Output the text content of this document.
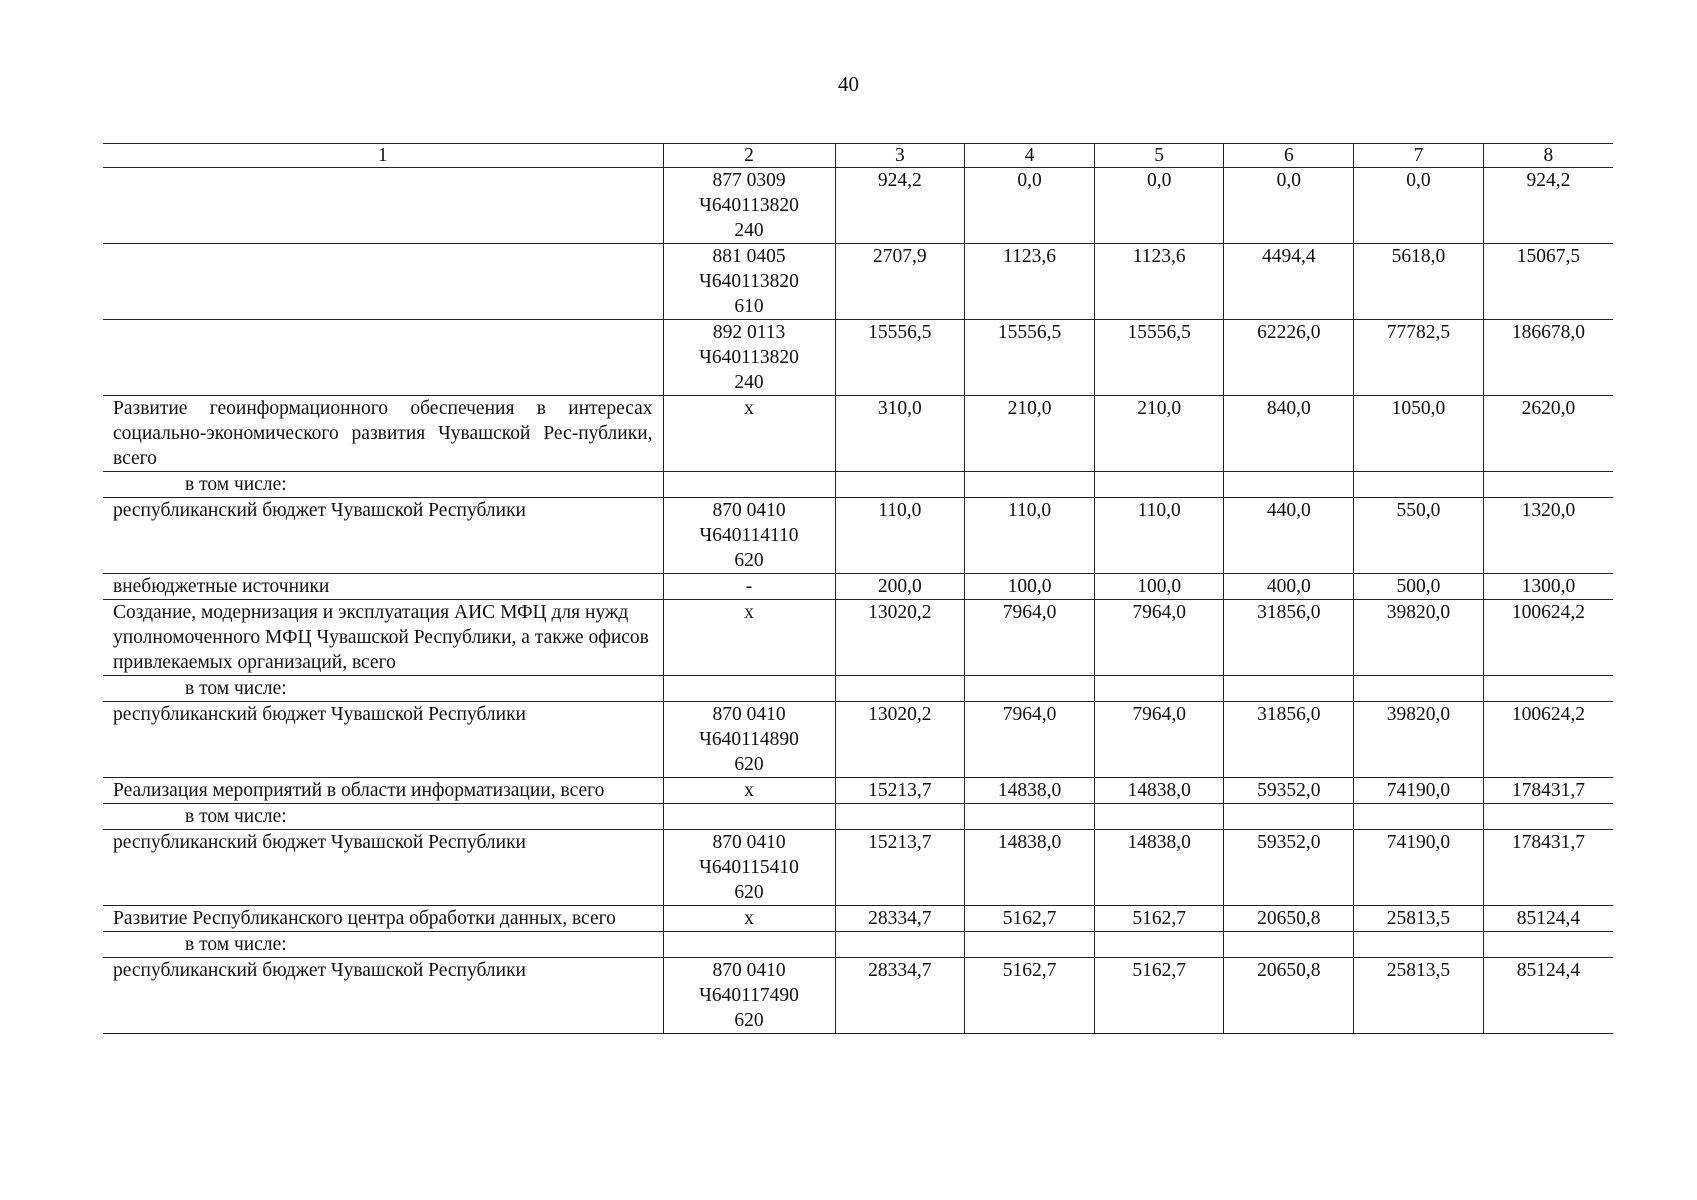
40
1	2	3	4	5	6	7	8

	877 0309
Ч640113820
240	924,2	0,0	0,0	0,0	0,0	924,2

	881 0405
Ч640113820
610	2707,9	1123,6	1123,6	4494,4	5618,0	15067,5

	892 0113
Ч640113820
240	15556,5	15556,5	15556,5	62226,0	77782,5	186678,0
Развитие геоинформационного обеспечения в интересах социально-экономического развития Чувашской Рес-публики, всего	х	310,0	210,0	210,0	840,0	1050,0	2620,0
в том числе:	

республиканский бюджет Чувашской Республики	870 0410
Ч640114110
620	110,0	110,0	110,0	440,0	550,0	1320,0
внебюджетные источники	-	200,0	100,0	100,0	400,0	500,0	1300,0
Создание, модернизация и эксплуатация АИС МФЦ для нужд уполномоченного МФЦ Чувашской Республики, а также офисов привлекаемых организаций, всего	х	13020,2	7964,0	7964,0	31856,0	39820,0	100624,2
в том числе:	

республиканский бюджет Чувашской Республики	870 0410
Ч640114890
620	13020,2	7964,0	7964,0	31856,0	39820,0	100624,2
Реализация мероприятий в области информатизации, всего	х	15213,7	14838,0	14838,0	59352,0	74190,0	178431,7
в том числе:	

республиканский бюджет Чувашской Республики	870 0410
Ч640115410
620	15213,7	14838,0	14838,0	59352,0	74190,0	178431,7
Развитие Республиканского центра обработки данных, всего	х	28334,7	5162,7	5162,7	20650,8	25813,5	85124,4
в том числе:	

республиканский бюджет Чувашской Республики	870 0410
Ч640117490
620	28334,7	5162,7	5162,7	20650,8	25813,5	85124,4
